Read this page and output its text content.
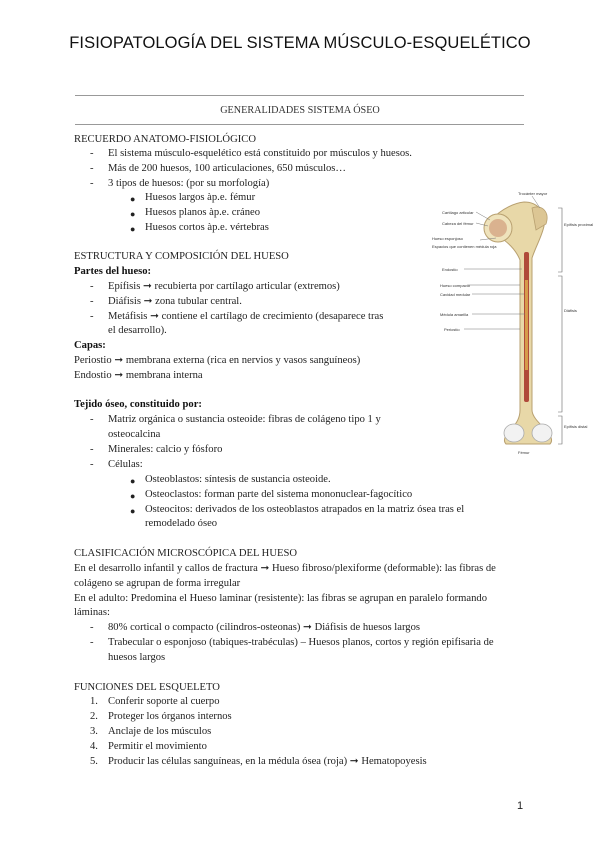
FISIOPATOLOGÍA DEL SISTEMA MÚSCULO-ESQUELÉTICO
GENERALIDADES SISTEMA ÓSEO
RECUERDO ANATOMO-FISIOLÓGICO
- El sistema músculo-esquelético está constituido por músculos y huesos.
- Más de 200 huesos, 100 articulaciones, 650 músculos…
- 3 tipos de huesos: (por su morfología)
● Huesos largos àp.e. fémur
● Huesos planos àp.e. cráneo
● Huesos cortos àp.e. vértebras
ESTRUCTURA Y COMPOSICIÓN DEL HUESO
Partes del hueso:
- Epífisis ➞ recubierta por cartílago articular (extremos)
- Diáfisis ➞ zona tubular central.
- Metáfisis ➞ contiene el cartílago de crecimiento (desaparece tras
el desarrollo).
Capas:
Periostio ➞ membrana externa (rica en nervios y vasos sanguíneos)
Endostio ➞ membrana interna
Tejido óseo, constituido por:
- Matriz orgánica o sustancia osteoide: fibras de colágeno tipo 1 y
osteocalcina
- Minerales: calcio y fósforo
- Células:
● Osteoblastos: síntesis de sustancia osteoide.
● Osteoclastos: forman parte del sistema mononuclear-fagocítico
● Osteocitos: derivados de los osteoblastos atrapados en la matriz ósea tras el
remodelado óseo
CLASIFICACIÓN MICROSCÓPICA DEL HUESO
En el desarrollo infantil y callos de fractura ➞ Hueso fibroso/plexiforme (deformable): las fibras de
colágeno se agrupan de forma irregular
En el adulto: Predomina el Hueso laminar (resistente): las fibras se agrupan en paralelo formando
láminas:
- 80% cortical o compacto (cilindros-osteonas) ➞ Diáfisis de huesos largos
- Trabecular o esponjoso (tabiques-trabéculas) – Huesos planos, cortos y región epifisaria de
huesos largos
FUNCIONES DEL ESQUELETO
1. Conferir soporte al cuerpo
2. Proteger los órganos internos
3. Anclaje de los músculos
4. Permitir el movimiento
5. Producir las células sanguíneas, en la médula ósea (roja) ➞ Hematopoyesis
Trocánter mayor
Cartílago articular
Cabeza del fémur
Hueso esponjoso
Espacios que contienen médula roja
Endostio
Hueso compacto
Cavidad medular
Médula amarilla
Periostio
Epífisis proximal
Diáfisis
Epífisis distal
Fémur
1
